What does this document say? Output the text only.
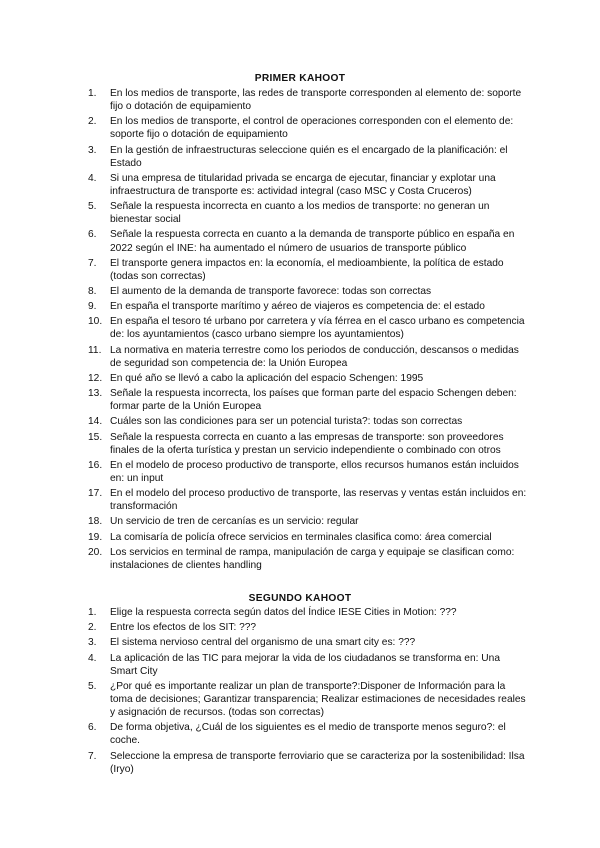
PRIMER KAHOOT
1.	En los medios de transporte, las redes de transporte corresponden al elemento de: soporte fijo o dotación de equipamiento
2.	En los medios de transporte, el control de operaciones corresponden con el elemento de: soporte fijo o dotación de equipamiento
3.	En la gestión de infraestructuras seleccione quién es el encargado de la planificación: el Estado
4.	Si una empresa de titularidad privada se encarga de ejecutar, financiar y explotar una infraestructura de transporte es: actividad integral (caso MSC y Costa Cruceros)
5.	Señale la respuesta incorrecta en cuanto a los medios de transporte: no generan un bienestar social
6.	Señale la respuesta correcta en cuanto a la demanda de transporte público en españa en 2022 según el INE: ha aumentado el número de usuarios de transporte público
7.	El transporte genera impactos en: la economía, el medioambiente, la política de estado (todas son correctas)
8.	El aumento de la demanda de transporte favorece: todas son correctas
9.	En españa el transporte marítimo y aéreo de viajeros es competencia de: el estado
10. En españa el tesoro té urbano por carretera y vía férrea en el casco urbano es competencia de: los ayuntamientos (casco urbano siempre los ayuntamientos)
11. La normativa en materia terrestre como los periodos de conducción, descansos o medidas de seguridad son competencia de: la Unión Europea
12. En qué año se llevó a cabo la aplicación del espacio Schengen: 1995
13. Señale la respuesta incorrecta, los países que forman parte del espacio Schengen deben: formar parte de la Unión Europea
14. Cuáles son las condiciones para ser un potencial turista?: todas son correctas
15. Señale la respuesta correcta en cuanto a las empresas de transporte: son proveedores finales de la oferta turística y prestan un servicio independiente o combinado con otros
16. En el modelo de proceso productivo de transporte, ellos recursos humanos están incluidos en: un input
17. En el modelo del proceso productivo de transporte, las reservas y ventas están incluidos en: transformación
18. Un servicio de tren de cercanías es un servicio: regular
19. La comisaría de policía ofrece servicios en terminales clasifica como: área comercial
20. Los servicios en terminal de rampa, manipulación de carga y equipaje se clasifican como: instalaciones de clientes handling
SEGUNDO KAHOOT
1.	Elige la respuesta correcta según datos del Índice IESE Cities in Motion: ???
2.	Entre los efectos de los SIT: ???
3.	El sistema nervioso central del organismo de una smart city es: ???
4.	La aplicación de las TIC para mejorar la vida de los ciudadanos se transforma en: Una Smart City
5.	¿Por qué es importante realizar un plan de transporte?:Disponer de Información para la toma de decisiones; Garantizar transparencia; Realizar estimaciones de necesidades reales y asignación de recursos. (todas son correctas)
6.	De forma objetiva, ¿Cuál de los siguientes es el medio de transporte menos seguro?: el coche.
7.	Seleccione la empresa de transporte ferroviario que se caracteriza por la sostenibilidad: Ilsa (Iryo)
